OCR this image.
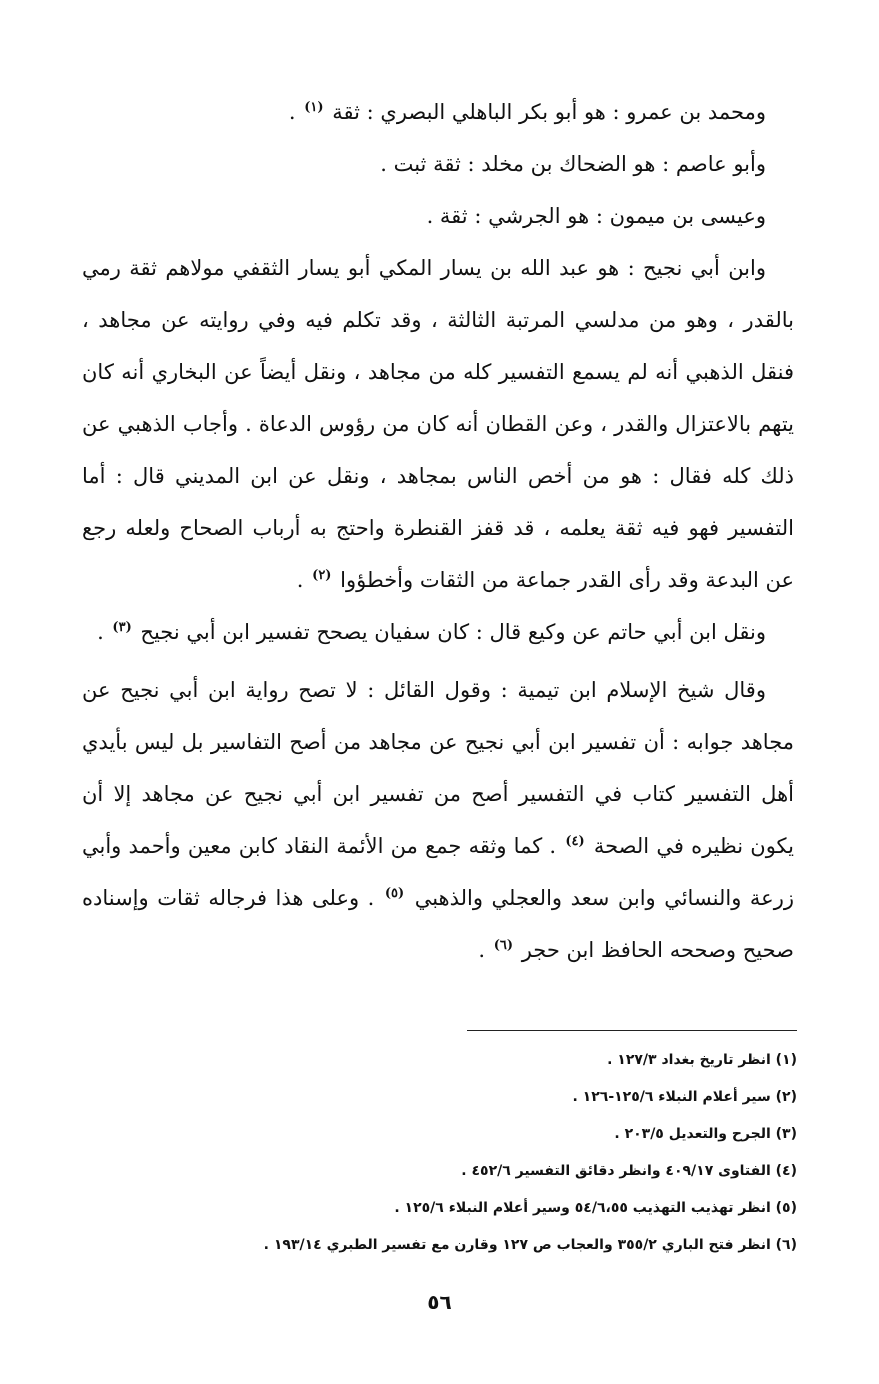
ومحمد بن عمرو : هو أبو بكر الباهلي البصري : ثقة $^{(١)}$ .

وأبو عاصم : هو الضحاك بن مخلد : ثقة ثبت .

وعيسى بن ميمون : هو الجرشي : ثقة .

وابن أبي نجيح : هو عبد الله بن يسار المكي أبو يسار الثقفي مولاهم ثقة رمي بالقدر ، وهو من مدلسي المرتبة الثالثة ، وقد تكلم فيه وفي روايته عن مجاهد ، فنقل الذهبي أنه لم يسمع التفسير كله من مجاهد ، ونقل أيضاً عن البخاري أنه كان يتهم بالاعتزال والقدر ، وعن القطان أنه كان من رؤوس الدعاة . وأجاب الذهبي عن ذلك كله فقال : هو من أخص الناس بمجاهد ، ونقل عن ابن المديني قال : أما التفسير فهو فيه ثقة يعلمه ، قد قفز القنطرة واحتج به أرباب الصحاح ولعله رجع عن البدعة وقد رأى القدر جماعة من الثقات وأخطؤوا $^{(٢)}$ .

ونقل ابن أبي حاتم عن وكيع قال : كان سفيان يصحح تفسير ابن أبي نجيح $^{(٣)}$ .

وقال شيخ الإسلام ابن تيمية : وقول القائل : لا تصح رواية ابن أبي نجيح عن مجاهد جوابه : أن تفسير ابن أبي نجيح عن مجاهد من أصح التفاسير بل ليس بأيدي أهل التفسير كتاب في التفسير أصح من تفسير ابن أبي نجيح عن مجاهد إلا أن يكون نظيره في الصحة $^{(٤)}$ . كما وثقه جمع من الأئمة النقاد كابن معين وأحمد وأبي زرعة والنسائي وابن سعد والعجلي والذهبي $^{(٥)}$ . وعلى هذا فرجاله ثقات وإسناده صحيح وصححه الحافظ ابن حجر $^{(٦)}$ .

(١) انظر تاريخ بغداد ١٢٧/٣ .

(٢) سير أعلام النبلاء ١٢٥/٦-١٢٦ .

(٣) الجرح والتعديل ٢٠٣/٥ .

(٤) الفتاوى ٤٠٩/١٧ وانظر دقائق التفسير ٤٥٢/٦ .

(٥) انظر تهذيب التهذيب ٥٤/٦،٥٥ وسير أعلام النبلاء ١٢٥/٦ .

(٦) انظر فتح الباري ٣٥٥/٢ والعجاب ص ١٢٧ وقارن مع تفسير الطبري ١٩٣/١٤ .

٥٦
